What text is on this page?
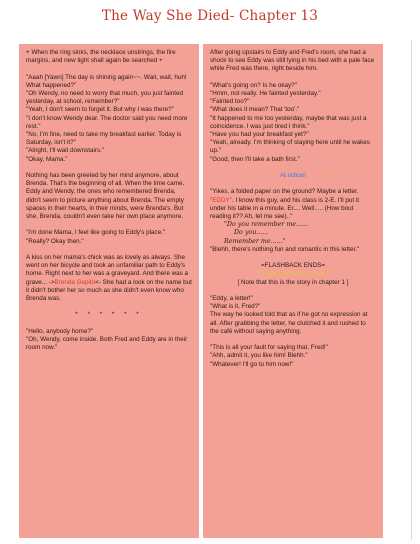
The Way She Died- Chapter 13

+ When the ring sinks, the necklace unstrings, the fire margins, and new light shall again be searched +

"Aaah [Yawn] The day is shining again~~. Wait, wait, huh! What happened?"

"Oh Wendy, no need to worry that much, you just fainted yesterday, at school, remember?"

"Yeah, I don't seem to forget it. But why I was there?"

"I don't know Wendy dear. The doctor said you need more rest."

"No, I'm fine, need to take my breakfast earlier. Today is Saturday, isn't it?"

"Alright, I'll wait downstairs."

"Okay, Mama."

Nothing has been greeted by her mind anymore, about Brenda. That's the beginning of all. When the time came, Eddy and Wendy, the ones who remembered Brenda, didn't seem to picture anything about Brenda. The empty spaces in their hearts, in their minds, were Brenda's. But she, Brenda, couldn't even take her own place anymore.

"I'm done Mama, I feel like going to Eddy's place."

"Really? Okay then."

A kiss on her mama's chick was as lovely as always. She went on her bicycle and took an unfamiliar path to Eddy's home. Right next to her was a graveyard. And there was a grave... ->Brenda Gepito<- She had a look on the name but it didn't bother her so much as she didn't even know who Brenda was.

* * * * * *

"Hello, anybody home?"

"Oh, Wendy, come inside. Both Fred and Eddy are in their room now."

After going upstairs to Eddy and Fred's room, she had a shock to see Eddy was still lying in his bed with a pale face while Fred was there, right beside him.

"What's going on? Is he okay?"

"Hmm, not really. He fainted yesterday."

"Fainted too?"

"What does it mean? That 'too'."

"It happened to me too yesterday, maybe that was just a coincidence. I was just tired I think."

"Have you had your breakfast yet?"

"Yeah, already. I'm thinking of staying here until he wakes up."

"Good, then I'll take a bath first."

* * * At school * * *

"Yikes, a folded paper on the ground? Maybe a letter. "EDDY". I know this guy, and his class is 2-E. I'll put it under his table in a minute. Er.... Well..... (How bout reading it?? Ah, let me see).."

"Do you remember me......

Do you......

Remember me......"

"Blehh, there's nothing fun and romantic in this letter."

=FLASHBACK ENDS=

* * 3 Days After, At school * *

[ Note that this is the story in chapter 1 ]

"Eddy, a letter!"

"What is it, Fred?"

The way he looked told that as if he got no expression at all. After grabbing the letter, he clutched it and rushed to the café without saying anything.

"This is all your fault for saying that, Fred!"

"Ahh, admit it, you like him! Blehh."

"Whatever! I'll go to him now!"
